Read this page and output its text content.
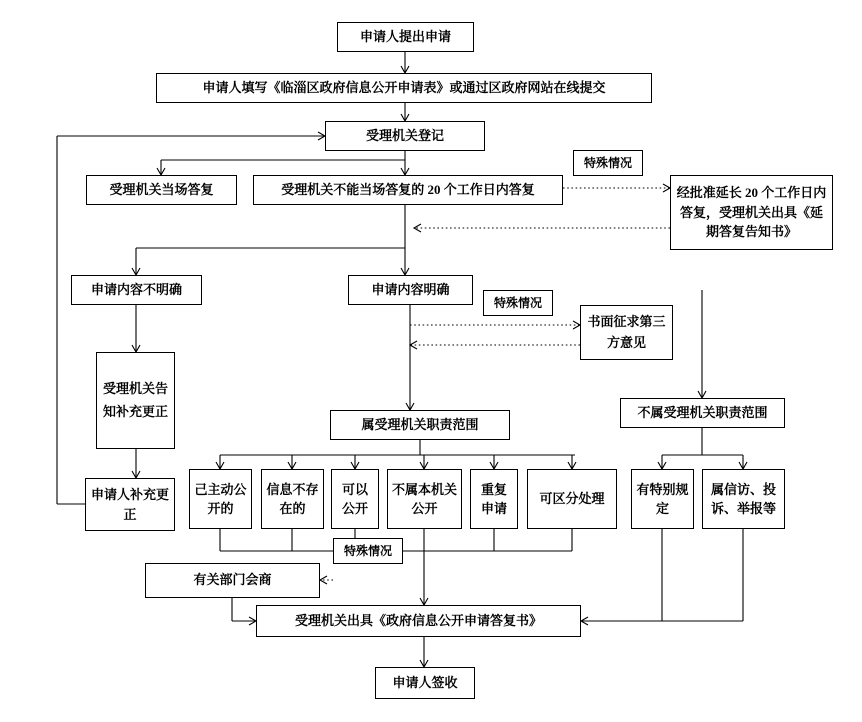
申请人提出申请
申请人填写《临淄区政府信息公开申请表》或通过区政府网站在线提交
受理机关登记
受理机关当场答复	受理机关不能当场答复的 20 个工作日内答复	经批准延长 20 个工作日内答复，受理机关出具《延期答复告知书》
申请内容不明确	申请内容明确
书面征求第三方意见
受理机关告知补充更正
申请人补充更正
属受理机关职责范围
不属受理机关职责范围
己主动公开的
信息不存在的
可以公开
不属本机关公开
重复申请
可区分处理
有特别规定
属信访、投诉、举报等
有关部门会商
受理机关出具《政府信息公开申请答复书》
申请人签收
特殊情况
特殊情况
特殊情况
